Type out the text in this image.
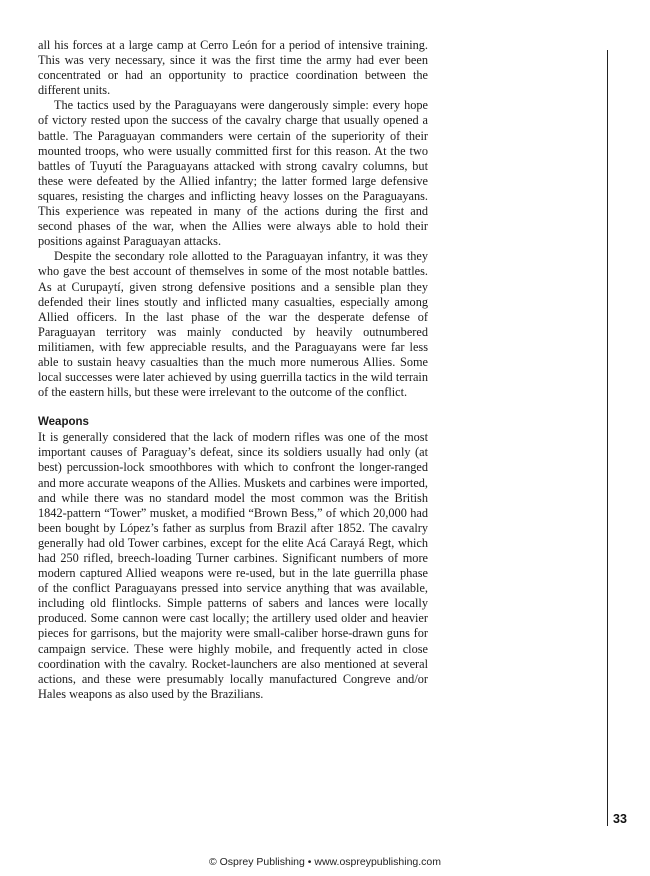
all his forces at a large camp at Cerro León for a period of intensive training. This was very necessary, since it was the first time the army had ever been concentrated or had an opportunity to practice coordination between the different units.

The tactics used by the Paraguayans were dangerously simple: every hope of victory rested upon the success of the cavalry charge that usually opened a battle. The Paraguayan commanders were certain of the superiority of their mounted troops, who were usually committed first for this reason. At the two battles of Tuyutí the Paraguayans attacked with strong cavalry columns, but these were defeated by the Allied infantry; the latter formed large defensive squares, resisting the charges and inflicting heavy losses on the Paraguayans. This experience was repeated in many of the actions during the first and second phases of the war, when the Allies were always able to hold their positions against Paraguayan attacks.

Despite the secondary role allotted to the Paraguayan infantry, it was they who gave the best account of themselves in some of the most notable battles. As at Curupaytí, given strong defensive positions and a sensible plan they defended their lines stoutly and inflicted many casualties, especially among Allied officers. In the last phase of the war the desperate defense of Paraguayan territory was mainly conducted by heavily outnumbered militiamen, with few appreciable results, and the Paraguayans were far less able to sustain heavy casualties than the much more numerous Allies. Some local successes were later achieved by using guerrilla tactics in the wild terrain of the eastern hills, but these were irrelevant to the outcome of the conflict.

Weapons

It is generally considered that the lack of modern rifles was one of the most important causes of Paraguay’s defeat, since its soldiers usually had only (at best) percussion-lock smoothbores with which to confront the longer-ranged and more accurate weapons of the Allies. Muskets and carbines were imported, and while there was no standard model the most common was the British 1842-pattern “Tower” musket, a modified “Brown Bess,” of which 20,000 had been bought by López’s father as surplus from Brazil after 1852. The cavalry generally had old Tower carbines, except for the elite Acá Carayá Regt, which had 250 rifled, breech-loading Turner carbines. Significant numbers of more modern captured Allied weapons were re-used, but in the late guerrilla phase of the conflict Paraguayans pressed into service anything that was available, including old flintlocks. Simple patterns of sabers and lances were locally produced. Some cannon were cast locally; the artillery used older and heavier pieces for garrisons, but the majority were small-caliber horse-drawn guns for campaign service. These were highly mobile, and frequently acted in close coordination with the cavalry. Rocket-launchers are also mentioned at several actions, and these were presumably locally manufactured Congreve and/or Hales weapons as also used by the Brazilians.

33
© Osprey Publishing • www.ospreypublishing.com
